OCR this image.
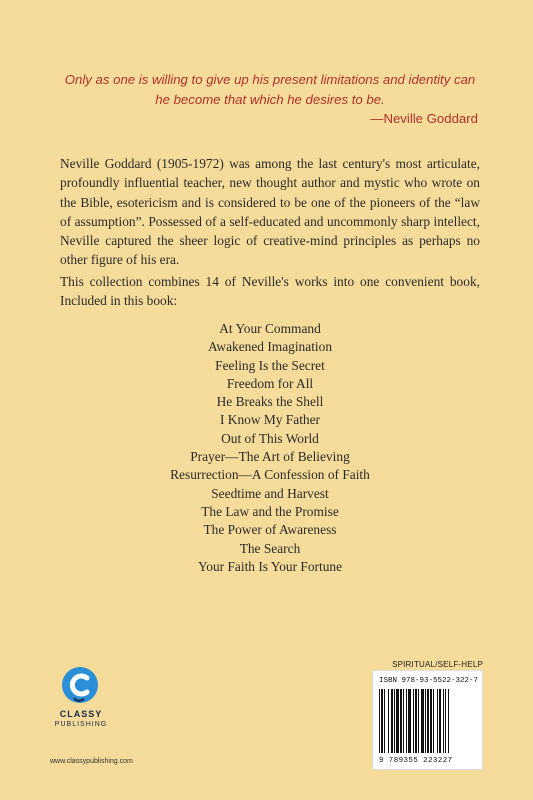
Only as one is willing to give up his present limitations and identity can he become that which he desires to be.
—Neville Goddard
Neville Goddard (1905-1972) was among the last century's most articulate, profoundly influential teacher, new thought author and mystic who wrote on the Bible, esotericism and is considered to be one of the pioneers of the “law of assumption”. Possessed of a self-educated and uncommonly sharp intellect, Neville captured the sheer logic of creative-mind principles as perhaps no other figure of his era.
This collection combines 14 of Neville's works into one convenient book, Included in this book:
At Your Command
Awakened Imagination
Feeling Is the Secret
Freedom for All
He Breaks the Shell
I Know My Father
Out of This World
Prayer—The Art of Believing
Resurrection—A Confession of Faith
Seedtime and Harvest
The Law and the Promise
The Power of Awareness
The Search
Your Faith Is Your Fortune
CLASSY
PUBLISHING
www.classypublishing.com
SPIRITUAL/SELF-HELP
ISBN 978-93-5522-322-7
9 789355 223227
